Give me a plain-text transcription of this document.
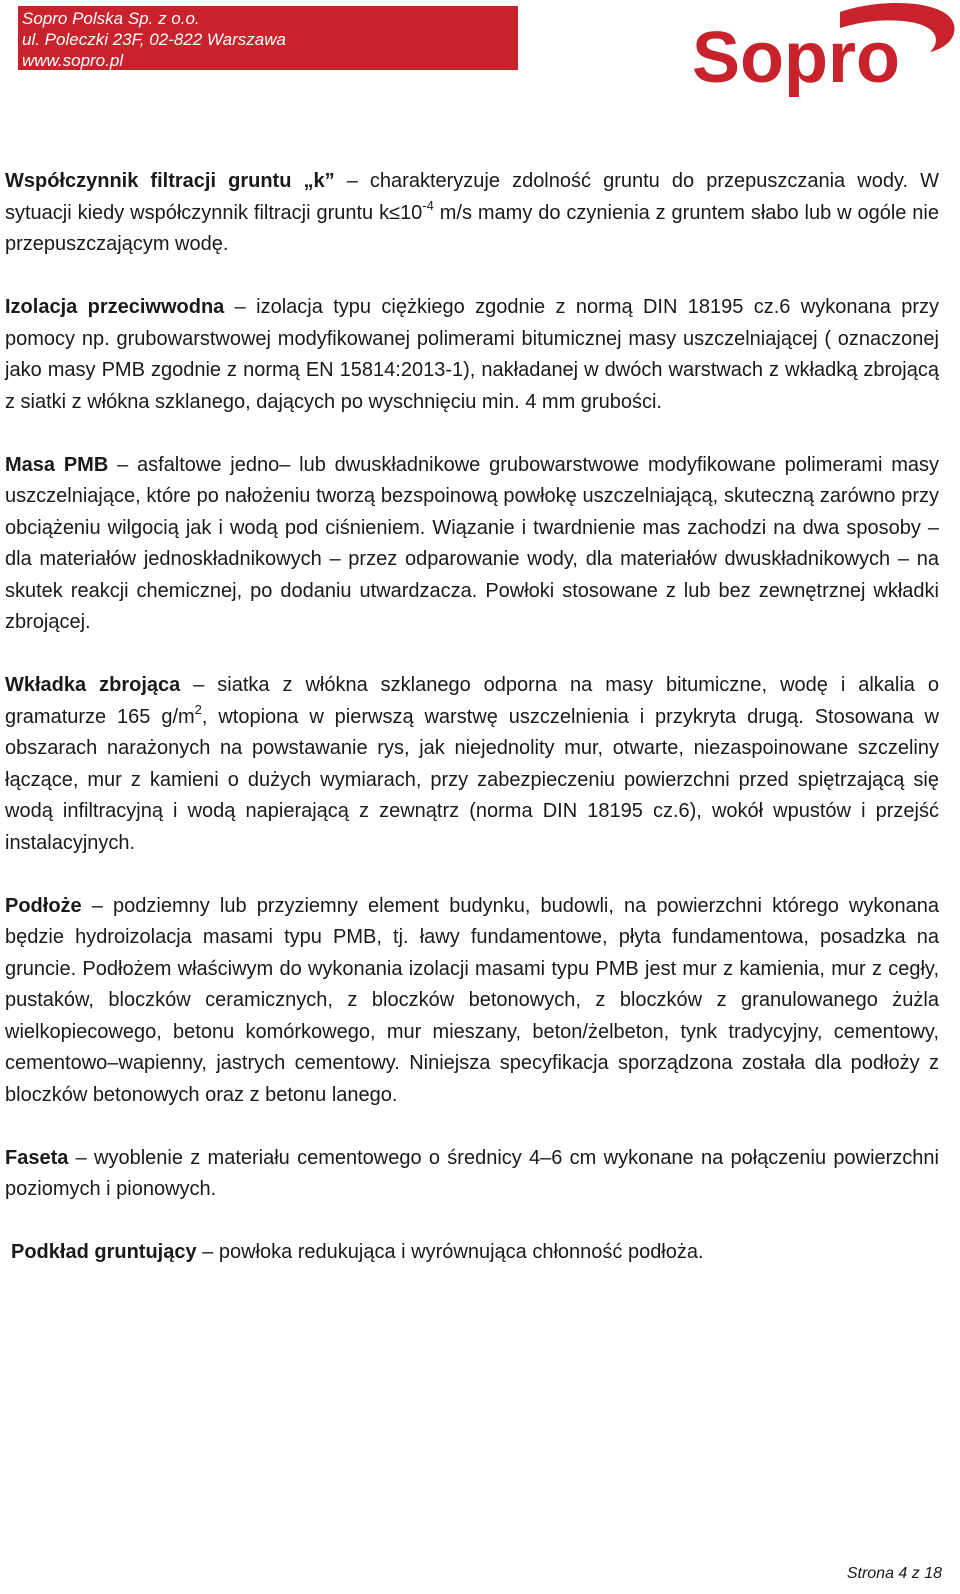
Sopro Polska Sp. z o.o.
ul. Poleczki 23F, 02-822 Warszawa
www.sopro.pl	Sopro

Współczynnik filtracji gruntu „k” – charakteryzuje zdolność gruntu do przepuszczania wody. W sytuacji kiedy współczynnik filtracji gruntu $k\le 10^{-4}$ m/s mamy do czynienia z gruntem słabo lub w ogóle nie przepuszczającym wodę.

Izolacja przeciwwodna – izolacja typu ciężkiego zgodnie z normą DIN 18195 cz.6 wykonana przy pomocy np. grubowarstwowej modyfikowanej polimerami bitumicznej masy uszczelniającej ( oznaczonej jako masy PMB zgodnie z normą EN 15814:2013-1), nakładanej w dwóch warstwach z wkładką zbrojącą z siatki z włókna szklanego, dających po wyschnięciu min. 4 mm grubości.

Masa PMB – asfaltowe jedno– lub dwuskładnikowe grubowarstwowe modyfikowane polimerami masy uszczelniające, które po nałożeniu tworzą bezspoinową powłokę uszczelniającą, skuteczną zarówno przy obciążeniu wilgocią jak i wodą pod ciśnieniem. Wiązanie i twardnienie mas zachodzi na dwa sposoby – dla materiałów jednoskładnikowych – przez odparowanie wody, dla materiałów dwuskładnikowych – na skutek reakcji chemicznej, po dodaniu utwardzacza. Powłoki stosowane z lub bez zewnętrznej wkładki zbrojącej.

Wkładka zbrojąca – siatka z włókna szklanego odporna na masy bitumiczne, wodę i alkalia o gramaturze 165 $g/m^2$, wtopiona w pierwszą warstwę uszczelnienia i przykryta drugą. Stosowana w obszarach narażonych na powstawanie rys, jak niejednolity mur, otwarte, niezaspoinowane szczeliny łączące, mur z kamieni o dużych wymiarach, przy zabezpieczeniu powierzchni przed spiętrzającą się wodą infiltracyjną i wodą napierającą z zewnątrz (norma DIN 18195 cz.6), wokół wpustów i przejść instalacyjnych.

Podłoże – podziemny lub przyziemny element budynku, budowli, na powierzchni którego wykonana będzie hydroizolacja masami typu PMB, tj. ławy fundamentowe, płyta fundamentowa, posadzka na gruncie. Podłożem właściwym do wykonania izolacji masami typu PMB jest mur z kamienia, mur z cegły, pustaków, bloczków ceramicznych, z bloczków betonowych, z bloczków z granulowanego żużla wielkopiecowego, betonu komórkowego, mur mieszany, beton/żelbeton, tynk tradycyjny, cementowy, cementowo–wapienny, jastrych cementowy. Niniejsza specyfikacja sporządzona została dla podłoży z bloczków betonowych oraz z betonu lanego.

Faseta – wyoblenie z materiału cementowego o średnicy 4–6 cm wykonane na połączeniu powierzchni poziomych i pionowych.

Podkład gruntujący – powłoka redukująca i wyrównująca chłonność podłoża.

Strona 4 z 18
